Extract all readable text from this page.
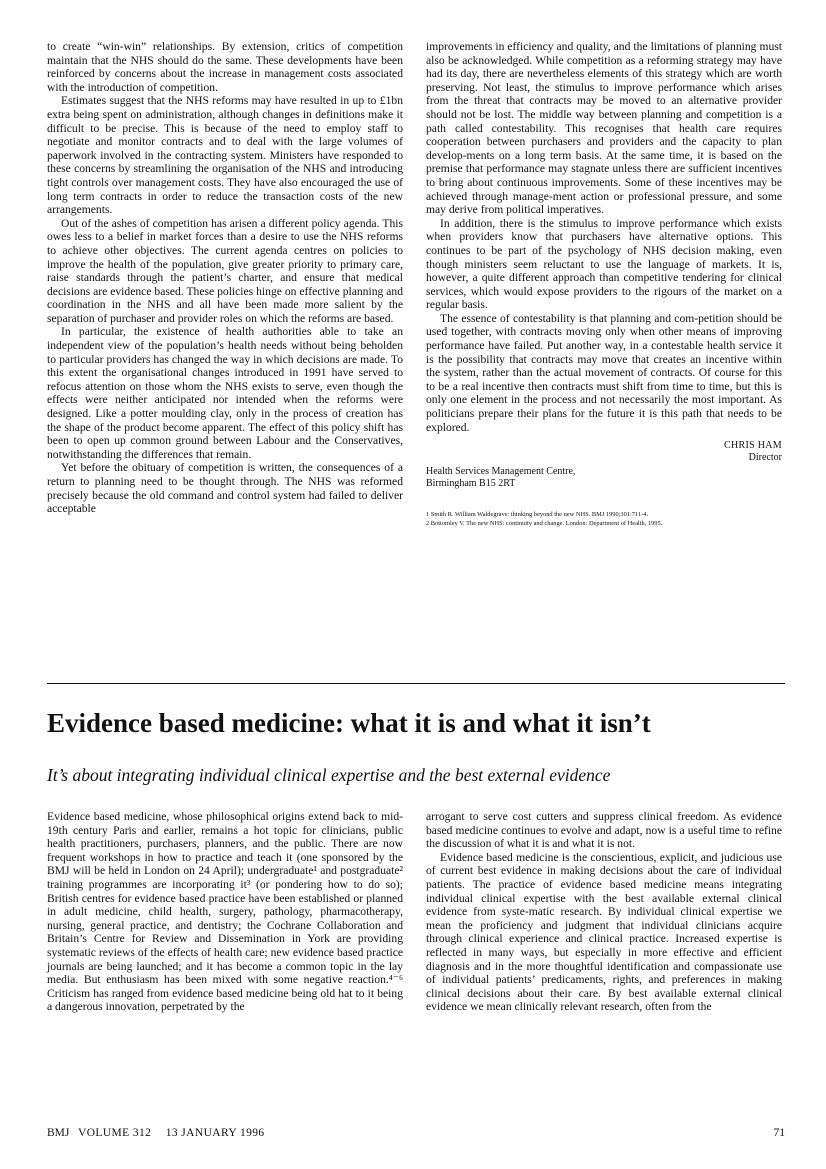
to create “win-win” relationships. By extension, critics of competition maintain that the NHS should do the same. These developments have been reinforced by concerns about the increase in management costs associated with the introduction of competition.

Estimates suggest that the NHS reforms may have resulted in up to £1bn extra being spent on administration, although changes in definitions make it difficult to be precise. This is because of the need to employ staff to negotiate and monitor contracts and to deal with the large volumes of paperwork involved in the contracting system. Ministers have responded to these concerns by streamlining the organisation of the NHS and introducing tight controls over management costs. They have also encouraged the use of long term contracts in order to reduce the transaction costs of the new arrangements.

Out of the ashes of competition has arisen a different policy agenda. This owes less to a belief in market forces than a desire to use the NHS reforms to achieve other objectives. The current agenda centres on policies to improve the health of the population, give greater priority to primary care, raise standards through the patient’s charter, and ensure that medical decisions are evidence based. These policies hinge on effective planning and coordination in the NHS and all have been made more salient by the separation of purchaser and provider roles on which the reforms are based.

In particular, the existence of health authorities able to take an independent view of the population’s health needs without being beholden to particular providers has changed the way in which decisions are made. To this extent the organisational changes introduced in 1991 have served to refocus attention on those whom the NHS exists to serve, even though the effects were neither anticipated nor intended when the reforms were designed. Like a potter moulding clay, only in the process of creation has the shape of the product become apparent. The effect of this policy shift has been to open up common ground between Labour and the Conservatives, notwithstanding the differences that remain.

Yet before the obituary of competition is written, the consequences of a return to planning need to be thought through. The NHS was reformed precisely because the old command and control system had failed to deliver acceptable

improvements in efficiency and quality, and the limitations of planning must also be acknowledged. While competition as a reforming strategy may have had its day, there are nevertheless elements of this strategy which are worth preserving. Not least, the stimulus to improve performance which arises from the threat that contracts may be moved to an alternative provider should not be lost. The middle way between planning and competition is a path called contestability. This recognises that health care requires cooperation between purchasers and providers and the capacity to plan develop-ments on a long term basis. At the same time, it is based on the premise that performance may stagnate unless there are sufficient incentives to bring about continuous improvements. Some of these incentives may be achieved through manage-ment action or professional pressure, and some may derive from political imperatives.

In addition, there is the stimulus to improve performance which exists when providers know that purchasers have alternative options. This continues to be part of the psychology of NHS decision making, even though ministers seem reluctant to use the language of markets. It is, however, a quite different approach than competitive tendering for clinical services, which would expose providers to the rigours of the market on a regular basis.

The essence of contestability is that planning and com-petition should be used together, with contracts moving only when other means of improving performance have failed. Put another way, in a contestable health service it is the possibility that contracts may move that creates an incentive within the system, rather than the actual movement of contracts. Of course for this to be a real incentive then contracts must shift from time to time, but this is only one element in the process and not necessarily the most important. As politicians prepare their plans for the future it is this path that needs to be explored.

CHRIS HAM
Director
Health Services Management Centre,
Birmingham B15 2RT
1 Smith R. William Waldegrave: thinking beyond the new NHS. BMJ 1990;301:711-4.
2 Bottomley V. The new NHS: continuity and change. London: Department of Health, 1995.
Evidence based medicine: what it is and what it isn’t

It’s about integrating individual clinical expertise and the best external evidence

Evidence based medicine, whose philosophical origins extend back to mid-19th century Paris and earlier, remains a hot topic for clinicians, public health practitioners, purchasers, planners, and the public. There are now frequent workshops in how to practice and teach it (one sponsored by the BMJ will be held in London on 24 April); undergraduate¹ and postgraduate² training programmes are incorporating it³ (or pondering how to do so); British centres for evidence based practice have been established or planned in adult medicine, child health, surgery, pathology, pharmacotherapy, nursing, general practice, and dentistry; the Cochrane Collaboration and Britain’s Centre for Review and Dissemination in York are providing systematic reviews of the effects of health care; new evidence based practice journals are being launched; and it has become a common topic in the lay media. But enthusiasm has been mixed with some negative reaction.⁴⁻⁶ Criticism has ranged from evidence based medicine being old hat to it being a dangerous innovation, perpetrated by the

arrogant to serve cost cutters and suppress clinical freedom. As evidence based medicine continues to evolve and adapt, now is a useful time to refine the discussion of what it is and what it is not.

Evidence based medicine is the conscientious, explicit, and judicious use of current best evidence in making decisions about the care of individual patients. The practice of evidence based medicine means integrating individual clinical expertise with the best available external clinical evidence from syste-matic research. By individual clinical expertise we mean the proficiency and judgment that individual clinicians acquire through clinical experience and clinical practice. Increased expertise is reflected in many ways, but especially in more effective and efficient diagnosis and in the more thoughtful identification and compassionate use of individual patients’ predicaments, rights, and preferences in making clinical decisions about their care. By best available external clinical evidence we mean clinically relevant research, often from the

BMJ VOLUME 312 13 JANUARY 1996	71
